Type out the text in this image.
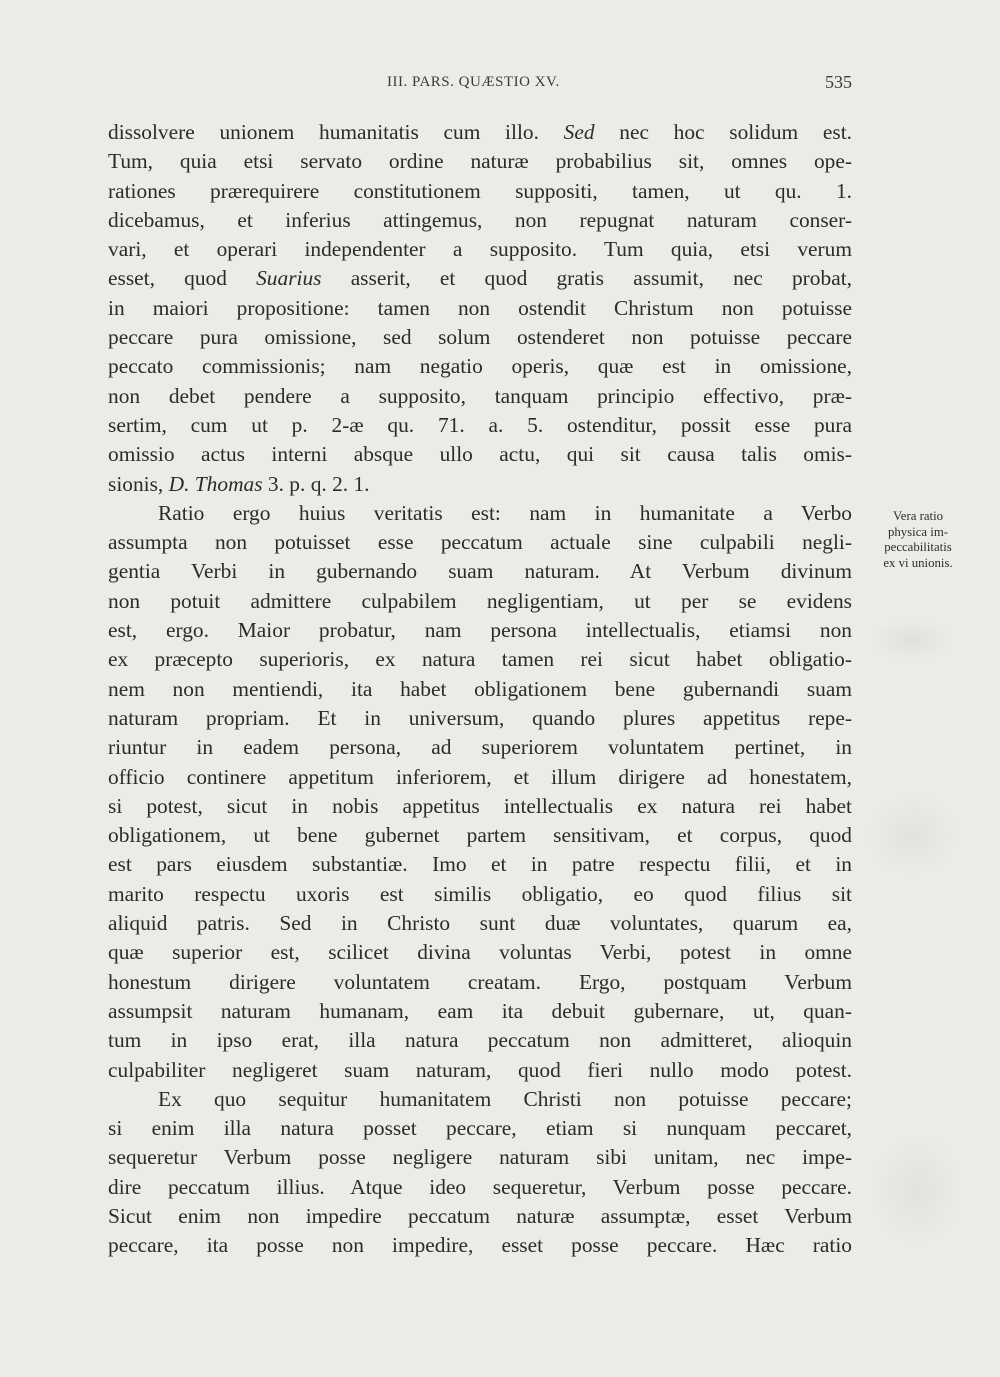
III. PARS. QUÆSTIO XV.	535
dissolvere unionem humanitatis cum illo. Sed nec hoc solidum est.
Tum, quia etsi servato ordine naturæ probabilius sit, omnes ope-
rationes prærequirere constitutionem suppositi, tamen, ut qu. 1.
dicebamus, et inferius attingemus, non repugnat naturam conser-
vari, et operari independenter a supposito. Tum quia, etsi verum
esset, quod Suarius asserit, et quod gratis assumit, nec probat,
in maiori propositione: tamen non ostendit Christum non potuisse
peccare pura omissione, sed solum ostenderet non potuisse peccare
peccato commissionis; nam negatio operis, quæ est in omissione,
non debet pendere a supposito, tanquam principio effectivo, præ-
sertim, cum ut p. 2-æ qu. 71. a. 5. ostenditur, possit esse pura
omissio actus interni absque ullo actu, qui sit causa talis omis-
sionis, D. Thomas 3. p. q. 2. 1.
Ratio ergo huius veritatis est: nam in humanitate a Verbo
assumpta non potuisset esse peccatum actuale sine culpabili negli-
gentia Verbi in gubernando suam naturam. At Verbum divinum
non potuit admittere culpabilem negligentiam, ut per se evidens
est, ergo. Maior probatur, nam persona intellectualis, etiamsi non
ex præcepto superioris, ex natura tamen rei sicut habet obligatio-
nem non mentiendi, ita habet obligationem bene gubernandi suam
naturam propriam. Et in universum, quando plures appetitus repe-
riuntur in eadem persona, ad superiorem voluntatem pertinet, in
officio continere appetitum inferiorem, et illum dirigere ad honestatem,
si potest, sicut in nobis appetitus intellectualis ex natura rei habet
obligationem, ut bene gubernet partem sensitivam, et corpus, quod
est pars eiusdem substantiæ. Imo et in patre respectu filii, et in
marito respectu uxoris est similis obligatio, eo quod filius sit
aliquid patris. Sed in Christo sunt duæ voluntates, quarum ea,
quæ superior est, scilicet divina voluntas Verbi, potest in omne
honestum dirigere voluntatem creatam. Ergo, postquam Verbum
assumpsit naturam humanam, eam ita debuit gubernare, ut, quan-
tum in ipso erat, illa natura peccatum non admitteret, alioquin
culpabiliter negligeret suam naturam, quod fieri nullo modo potest.
Ex quo sequitur humanitatem Christi non potuisse peccare;
si enim illa natura posset peccare, etiam si nunquam peccaret,
sequeretur Verbum posse negligere naturam sibi unitam, nec impe-
dire peccatum illius. Atque ideo sequeretur, Verbum posse peccare.
Sicut enim non impedire peccatum naturæ assumptæ, esset Verbum
peccare, ita posse non impedire, esset posse peccare. Hæc ratio
Vera ratio
physica im-
peccabilitatis
ex vi unionis.
